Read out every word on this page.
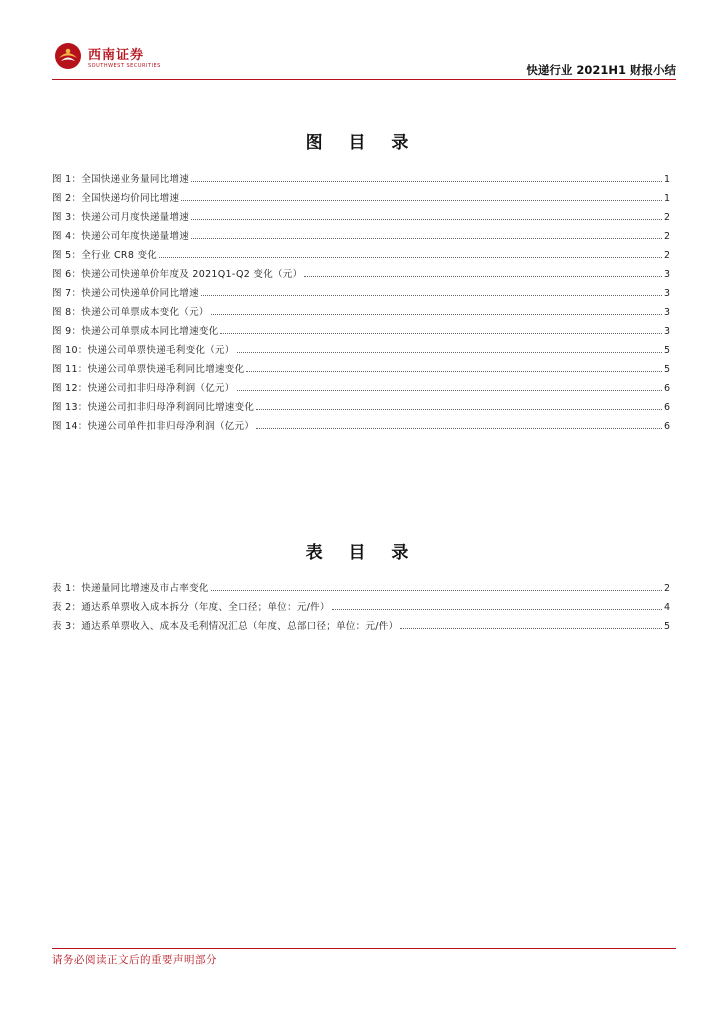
西南证券
SOUTHWEST SECURITIES	快递行业 2021H1 财报小结
图 目 录
图 1：全国快递业务量同比增速	1
图 2：全国快递均价同比增速	1
图 3：快递公司月度快递量增速	2
图 4：快递公司年度快递量增速	2
图 5：全行业 CR8 变化	2
图 6：快递公司快递单价年度及 2021Q1-Q2 变化（元）	3
图 7：快递公司快递单价同比增速	3
图 8：快递公司单票成本变化（元）	3
图 9：快递公司单票成本同比增速变化	3
图 10：快递公司单票快递毛利变化（元）	5
图 11：快递公司单票快递毛利同比增速变化	5
图 12：快递公司扣非归母净利润（亿元）	6
图 13：快递公司扣非归母净利润同比增速变化	6
图 14：快递公司单件扣非归母净利润（亿元）	6
表 目 录
表 1：快递量同比增速及市占率变化	2
表 2：通达系单票收入成本拆分（年度、全口径；单位：元/件）	4
表 3：通达系单票收入、成本及毛利情况汇总（年度、总部口径；单位：元/件）	5
请务必阅读正文后的重要声明部分
